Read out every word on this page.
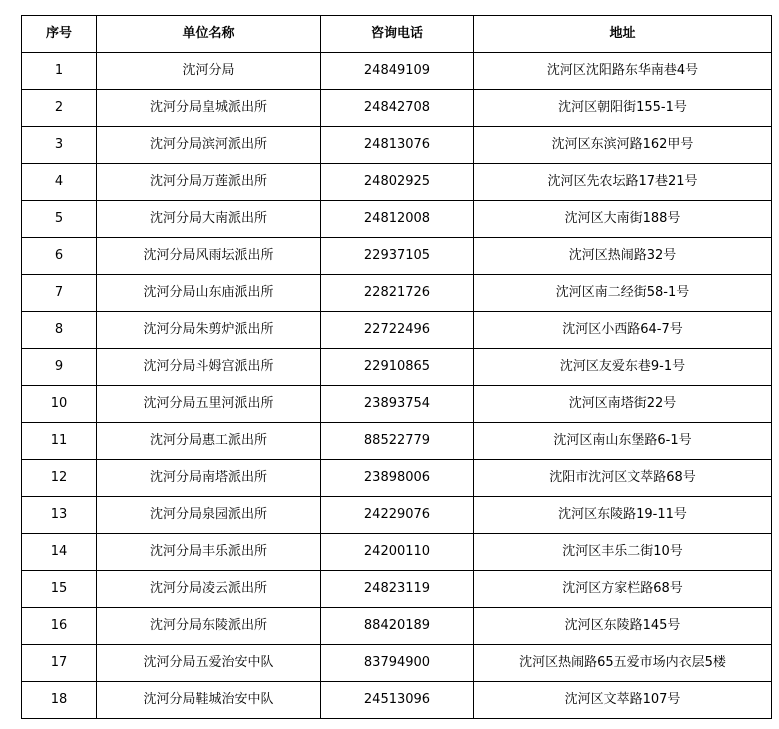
序号	单位名称	咨询电话	地址
1	沈河分局	24849109	沈河区沈阳路东华南巷4号
2	沈河分局皇城派出所	24842708	沈河区朝阳街155-1号
3	沈河分局滨河派出所	24813076	沈河区东滨河路162甲号
4	沈河分局万莲派出所	24802925	沈河区先农坛路17巷21号
5	沈河分局大南派出所	24812008	沈河区大南街188号
6	沈河分局风雨坛派出所	22937105	沈河区热闹路32号
7	沈河分局山东庙派出所	22821726	沈河区南二经街58-1号
8	沈河分局朱剪炉派出所	22722496	沈河区小西路64-7号
9	沈河分局斗姆宫派出所	22910865	沈河区友爱东巷9-1号
10	沈河分局五里河派出所	23893754	沈河区南塔街22号
11	沈河分局惠工派出所	88522779	沈河区南山东堡路6-1号
12	沈河分局南塔派出所	23898006	沈阳市沈河区文萃路68号
13	沈河分局泉园派出所	24229076	沈河区东陵路19-11号
14	沈河分局丰乐派出所	24200110	沈河区丰乐二街10号
15	沈河分局凌云派出所	24823119	沈河区方家栏路68号
16	沈河分局东陵派出所	88420189	沈河区东陵路145号
17	沈河分局五爱治安中队	83794900	沈河区热闹路65五爱市场内衣层5楼
18	沈河分局鞋城治安中队	24513096	沈河区文萃路107号
